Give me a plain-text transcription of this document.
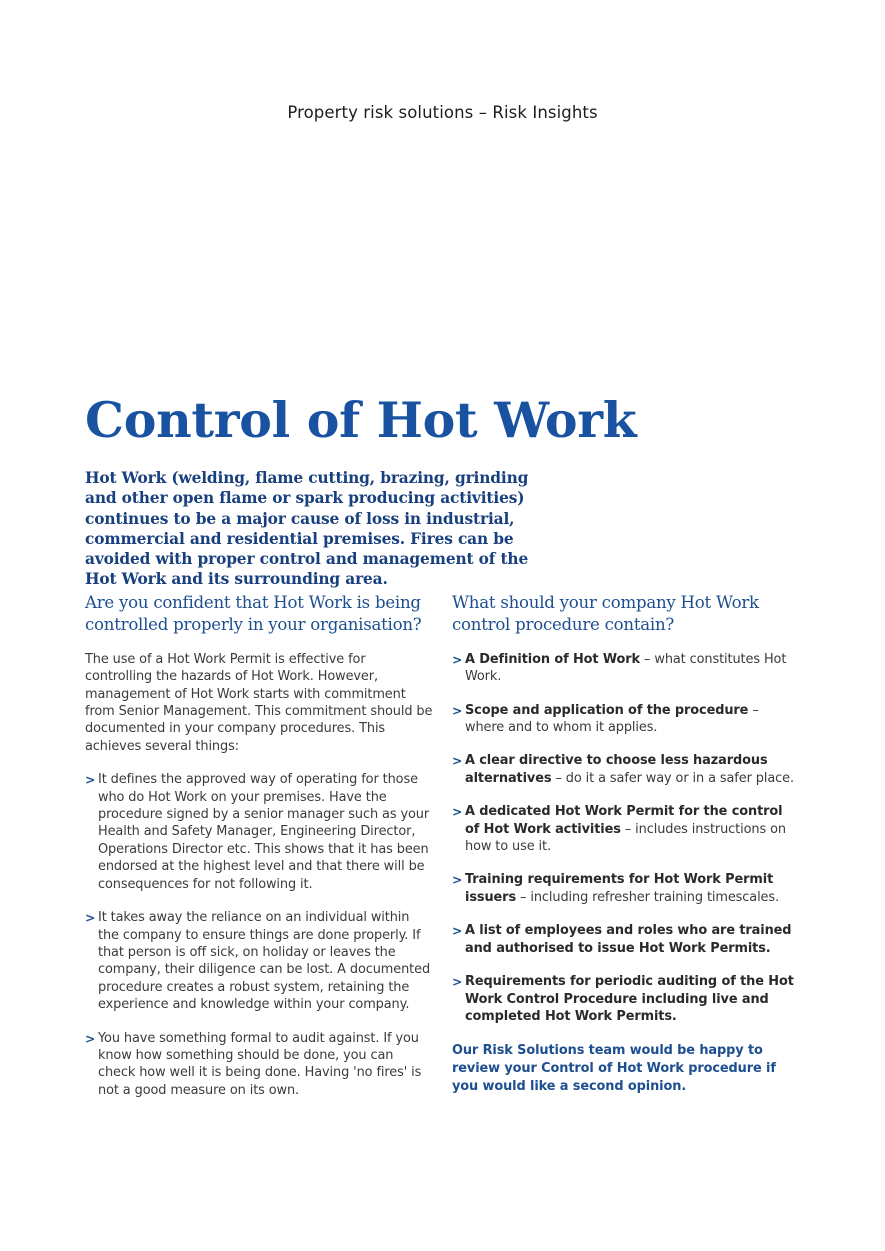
Property risk solutions – Risk Insights
Control of Hot Work

Hot Work (welding, flame cutting, brazing, grinding and other open flame or spark producing activities) continues to be a major cause of loss in industrial, commercial and residential premises. Fires can be avoided with proper control and management of the Hot Work and its surrounding area.

Are you confident that Hot Work is being controlled properly in your organisation?

The use of a Hot Work Permit is effective for controlling the hazards of Hot Work. However, management of Hot Work starts with commitment from Senior Management. This commitment should be documented in your company procedures. This achieves several things:

> It defines the approved way of operating for those who do Hot Work on your premises. Have the procedure signed by a senior manager such as your Health and Safety Manager, Engineering Director, Operations Director etc. This shows that it has been endorsed at the highest level and that there will be consequences for not following it.
> It takes away the reliance on an individual within the company to ensure things are done properly. If that person is off sick, on holiday or leaves the company, their diligence can be lost. A documented procedure creates a robust system, retaining the experience and knowledge within your company.
> You have something formal to audit against. If you know how something should be done, you can check how well it is being done. Having 'no fires' is not a good measure on its own.
What should your company Hot Work control procedure contain?
> A Definition of Hot Work – what constitutes Hot Work.
> Scope and application of the procedure – where and to whom it applies.
> A clear directive to choose less hazardous alternatives – do it a safer way or in a safer place.
> A dedicated Hot Work Permit for the control of Hot Work activities – includes instructions on how to use it.
> Training requirements for Hot Work Permit issuers – including refresher training timescales.
> A list of employees and roles who are trained and authorised to issue Hot Work Permits.
> Requirements for periodic auditing of the Hot Work Control Procedure including live and completed Hot Work Permits.

Our Risk Solutions team would be happy to review your Control of Hot Work procedure if you would like a second opinion.
